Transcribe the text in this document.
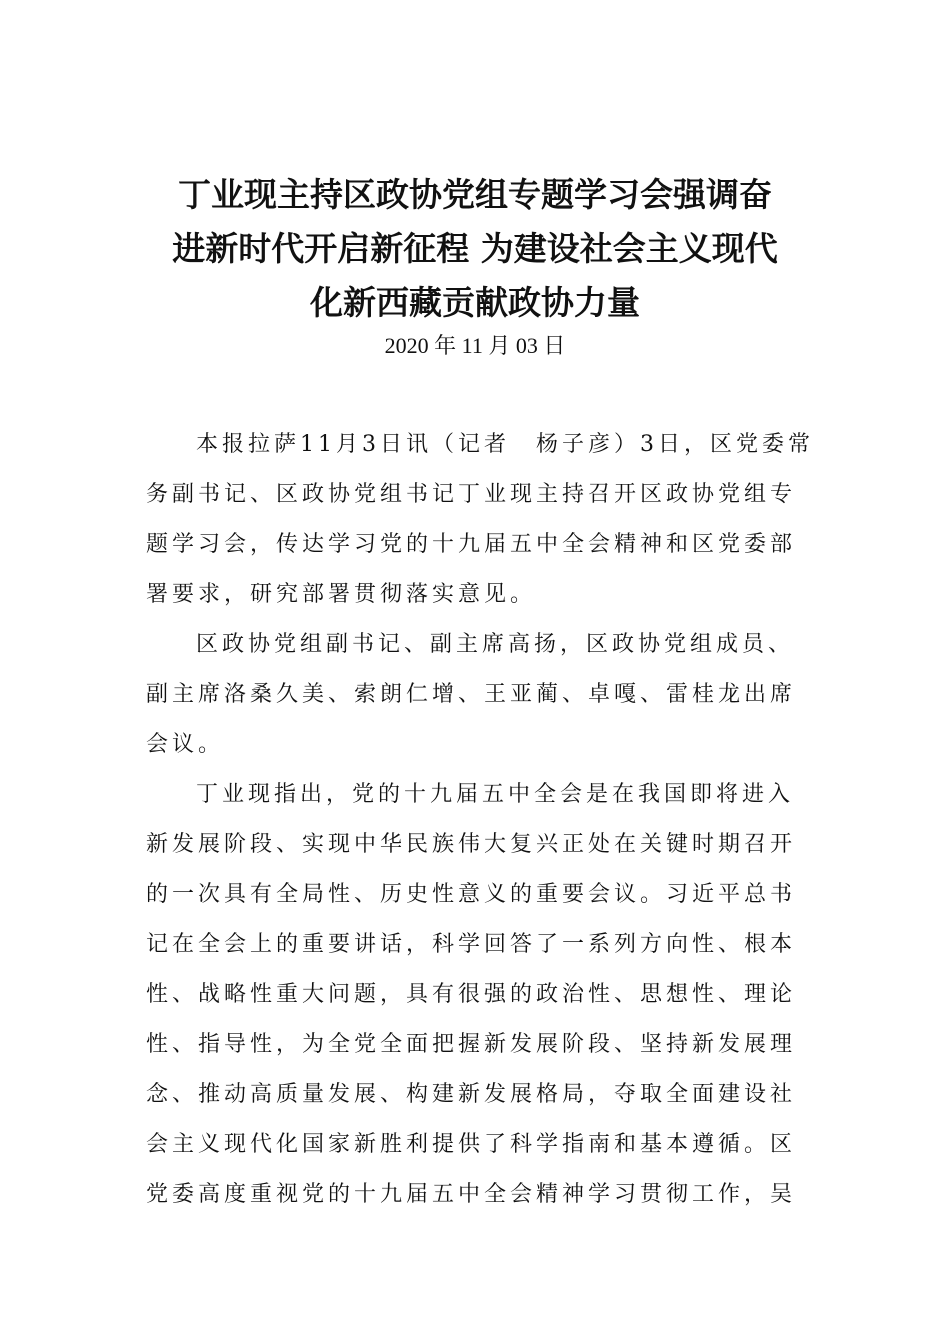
丁业现主持区政协党组专题学习会强调奋
进新时代开启新征程 为建设社会主义现代
化新西藏贡献政协力量

2020 年 11 月 03 日

本报拉萨11月3日讯（记者　杨子彦）3日，区党委常
务副书记、区政协党组书记丁业现主持召开区政协党组专
题学习会，传达学习党的十九届五中全会精神和区党委部
署要求，研究部署贯彻落实意见。
区政协党组副书记、副主席高扬，区政协党组成员、
副主席洛桑久美、索朗仁增、王亚蔺、卓嘎、雷桂龙出席
会议。
丁业现指出，党的十九届五中全会是在我国即将进入
新发展阶段、实现中华民族伟大复兴正处在关键时期召开
的一次具有全局性、历史性意义的重要会议。习近平总书
记在全会上的重要讲话，科学回答了一系列方向性、根本
性、战略性重大问题，具有很强的政治性、思想性、理论
性、指导性，为全党全面把握新发展阶段、坚持新发展理
念、推动高质量发展、构建新发展格局，夺取全面建设社
会主义现代化国家新胜利提供了科学指南和基本遵循。区
党委高度重视党的十九届五中全会精神学习贯彻工作，吴
